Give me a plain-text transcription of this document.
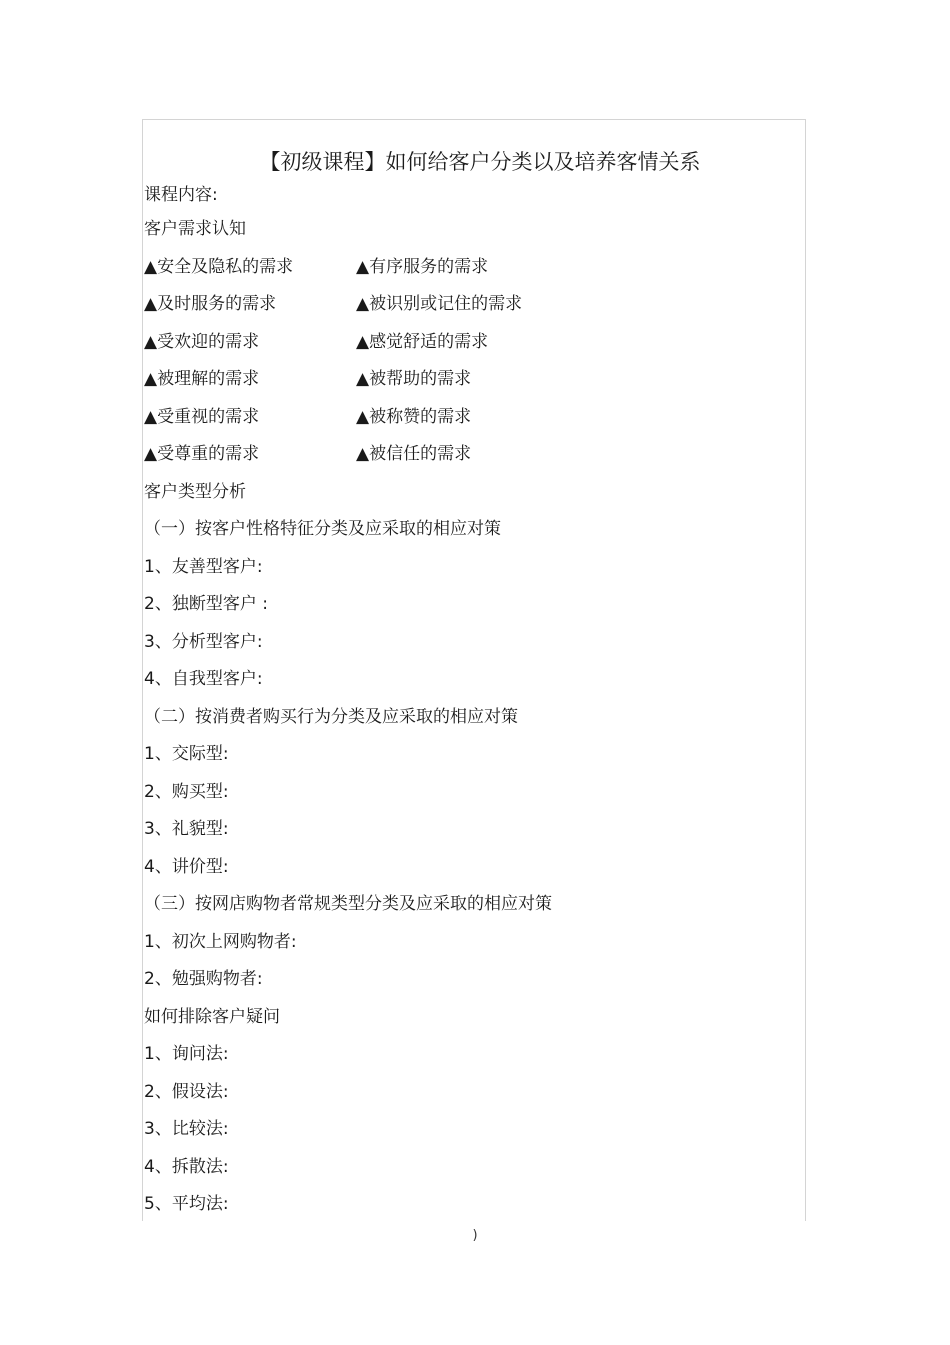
【初级课程】如何给客户分类以及培养客情关系
课程内容:
客户需求认知
▲安全及隐私的需求	▲有序服务的需求
▲及时服务的需求	▲被识别或记住的需求
▲受欢迎的需求	▲感觉舒适的需求
▲被理解的需求	▲被帮助的需求
▲受重视的需求	▲被称赞的需求
▲受尊重的需求	▲被信任的需求
客户类型分析
（一）按客户性格特征分类及应采取的相应对策
1、友善型客户:
2、独断型客户 :
3、分析型客户:
4、自我型客户:
（二）按消费者购买行为分类及应采取的相应对策
1、交际型:
2、购买型:
3、礼貌型:
4、讲价型:
（三）按网店购物者常规类型分类及应采取的相应对策
1、初次上网购物者:
2、勉强购物者:
如何排除客户疑问
1、询问法:
2、假设法:
3、比较法:
4、拆散法:
5、平均法:
)
